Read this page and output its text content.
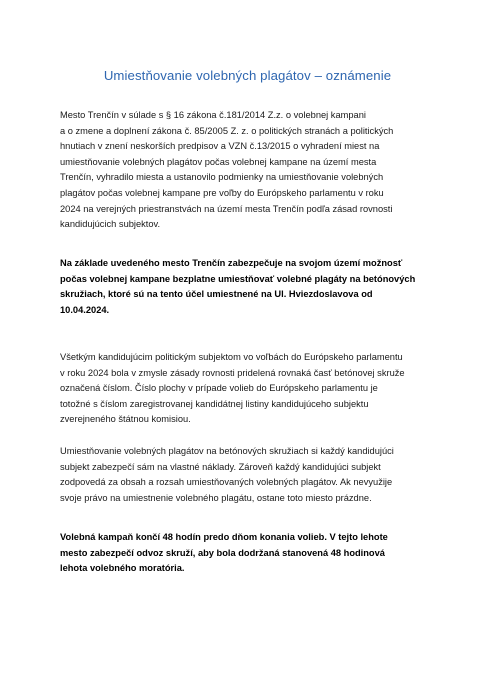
Umiestňovanie volebných plagátov – oznámenie

Mesto Trenčín v súlade s § 16 zákona č.181/2014 Z.z. o volebnej kampani
a o zmene a doplnení zákona č. 85/2005 Z. z. o politických stranách a politických
hnutiach v znení neskorších predpisov a VZN č.13/2015 o vyhradení miest na
umiestňovanie volebných plagátov počas volebnej kampane na území mesta
Trenčín, vyhradilo miesta a ustanovilo podmienky na umiestňovanie volebných
plagátov počas volebnej kampane pre voľby do Európskeho parlamentu v roku
2024 na verejných priestranstvách na území mesta Trenčín podľa zásad rovnosti
kandidujúcich subjektov.

Na základe uvedeného mesto Trenčín zabezpečuje na svojom území možnosť
počas volebnej kampane bezplatne umiestňovať volebné plagáty na betónových
skružiach, ktoré sú na tento účel umiestnené na Ul. Hviezdoslavova od
10.04.2024.

Všetkým kandidujúcim politickým subjektom vo voľbách do Európskeho parlamentu
v roku 2024 bola v zmysle zásady rovnosti pridelená rovnaká časť betónovej skruže
označená číslom. Číslo plochy v prípade volieb do Európskeho parlamentu je
totožné s číslom zaregistrovanej kandidátnej listiny kandidujúceho subjektu
zverejneného štátnou komisiou.

Umiestňovanie volebných plagátov na betónových skružiach si každý kandidujúci
subjekt zabezpečí sám na vlastné náklady. Zároveň každý kandidujúci subjekt
zodpovedá za obsah a rozsah umiestňovaných volebných plagátov. Ak nevyužije
svoje právo na umiestnenie volebného plagátu, ostane toto miesto prázdne.

Volebná kampaň končí 48 hodín predo dňom konania volieb. V tejto lehote
mesto zabezpečí odvoz skruží, aby bola dodržaná stanovená 48 hodinová
lehota volebného moratória.
